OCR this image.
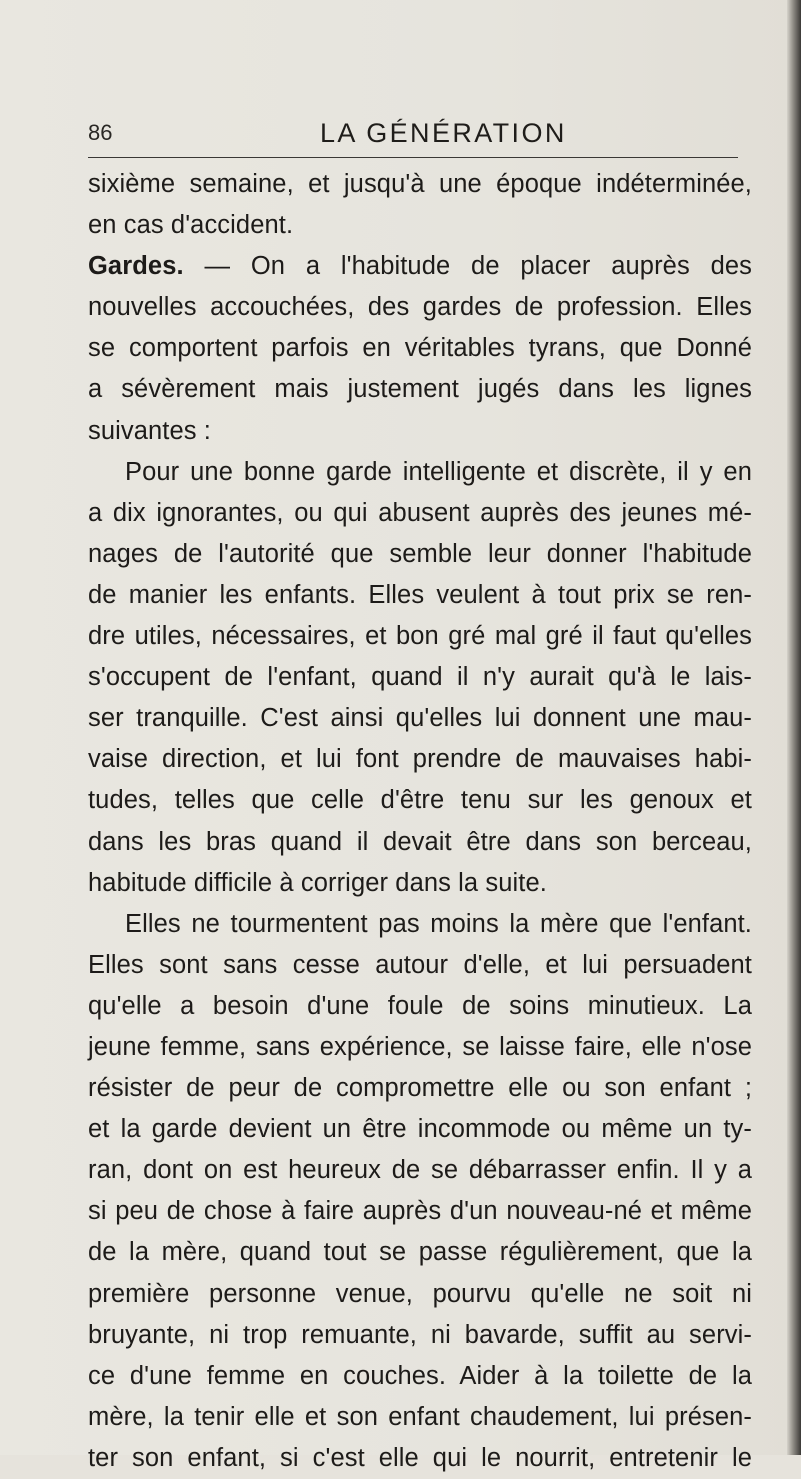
86	LA GÉNÉRATION
sixième semaine, et jusqu'à une époque indéterminée,
en cas d'accident.
Gardes. — On a l'habitude de placer auprès des
nouvelles accouchées, des gardes de profession. Elles
se comportent parfois en véritables tyrans, que Donné
a sévèrement mais justement jugés dans les lignes
suivantes :
Pour une bonne garde intelligente et discrète, il y en
a dix ignorantes, ou qui abusent auprès des jeunes mé-
nages de l'autorité que semble leur donner l'habitude
de manier les enfants. Elles veulent à tout prix se ren-
dre utiles, nécessaires, et bon gré mal gré il faut qu'elles
s'occupent de l'enfant, quand il n'y aurait qu'à le lais-
ser tranquille. C'est ainsi qu'elles lui donnent une mau-
vaise direction, et lui font prendre de mauvaises habi-
tudes, telles que celle d'être tenu sur les genoux et
dans les bras quand il devait être dans son berceau,
habitude difficile à corriger dans la suite.
Elles ne tourmentent pas moins la mère que l'enfant.
Elles sont sans cesse autour d'elle, et lui persuadent
qu'elle a besoin d'une foule de soins minutieux. La
jeune femme, sans expérience, se laisse faire, elle n'ose
résister de peur de compromettre elle ou son enfant ;
et la garde devient un être incommode ou même un ty-
ran, dont on est heureux de se débarrasser enfin. Il y a
si peu de chose à faire auprès d'un nouveau-né et même
de la mère, quand tout se passe régulièrement, que la
première personne venue, pourvu qu'elle ne soit ni
bruyante, ni trop remuante, ni bavarde, suffit au servi-
ce d'une femme en couches. Aider à la toilette de la
mère, la tenir elle et son enfant chaudement, lui présen-
ter son enfant, si c'est elle qui le nourrit, entretenir le
